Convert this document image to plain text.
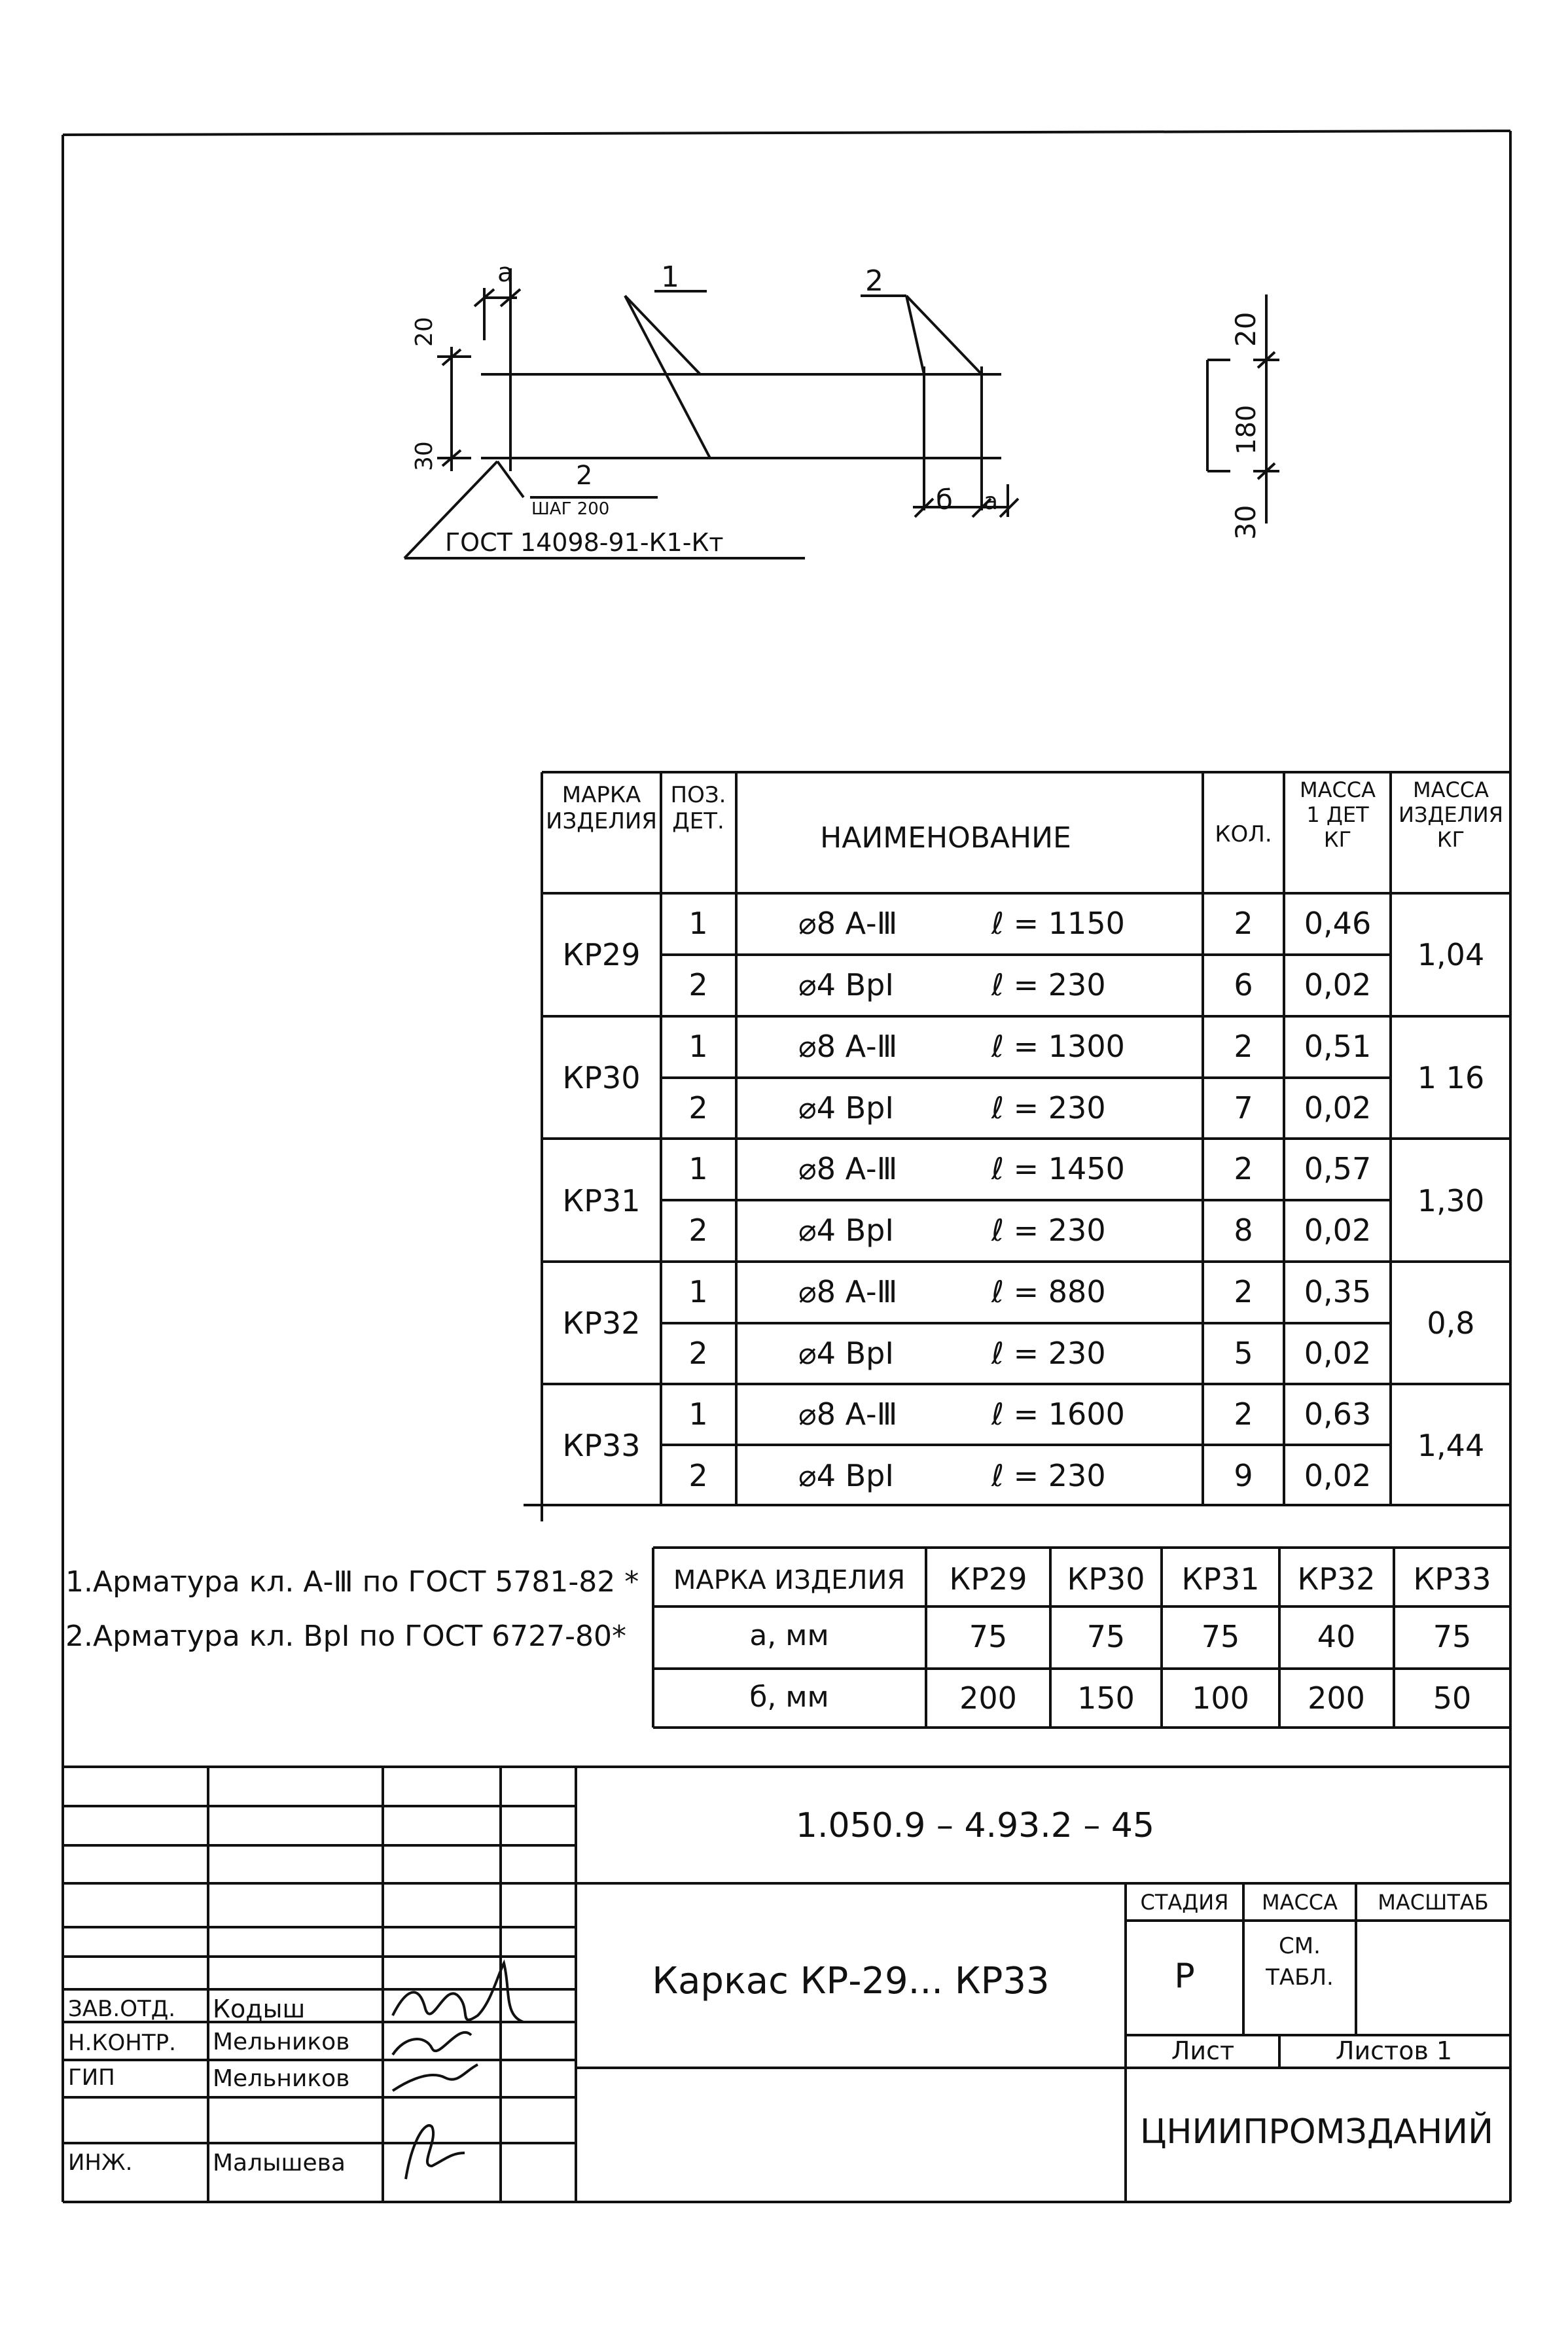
a	1	2
20
30
2
ШАГ 200
ГОСТ 14098-91-К1-Кт
б a
20
180
30
МАРКА
ИЗДЕЛИЯ
ПОЗ.
ДЕТ.	НАИМЕНОВАНИЕ	КОЛ.
МАССА
1 ДЕТ
КГ
МАССА
ИЗДЕЛИЯ
КГ
КР29	1,04
1	⌀8 А-Ⅲ	ℓ = 1150	2 0,46
2	⌀4 ВрⅠ	ℓ = 230	6 0,02
КР30	1 16
1	⌀8 А-Ⅲ	ℓ = 1300	2 0,51
2	⌀4 ВрⅠ	ℓ = 230	7 0,02
КР31	1,30
1	⌀8 А-Ⅲ	ℓ = 1450	2 0,57
2	⌀4 ВрⅠ	ℓ = 230	8 0,02
КР32	0,8
1	⌀8 А-Ⅲ	ℓ = 880	2 0,35
2	⌀4 ВрⅠ	ℓ = 230	5 0,02
КР33	1,44
1	⌀8 А-Ⅲ	ℓ = 1600	2 0,63
2	⌀4 ВрⅠ	ℓ = 230	9 0,02
1.Арматура кл. А-Ⅲ по ГОСТ 5781-82 *
2.Арматура кл. ВрⅠ по ГОСТ 6727-80*
МАРКА ИЗДЕЛИЯ КР29 КР30 КР31 КР32 КР33
а, мм	75	75	75	40	75
б, мм	200 150 100 200 50
1.050.9 – 4.93.2 – 45
Каркас КР-29... КР33
СТАДИЯ МАССА МАСШТАБ
Р
СМ.
ТАБЛ.
Лист	Листов 1
ЦНИИПРОМЗДАНИЙ
ЗАВ.ОТД. Кодыш
Н.КОНТР. Мельников
ГИП	Мельников
ИНЖ.	Малышева
